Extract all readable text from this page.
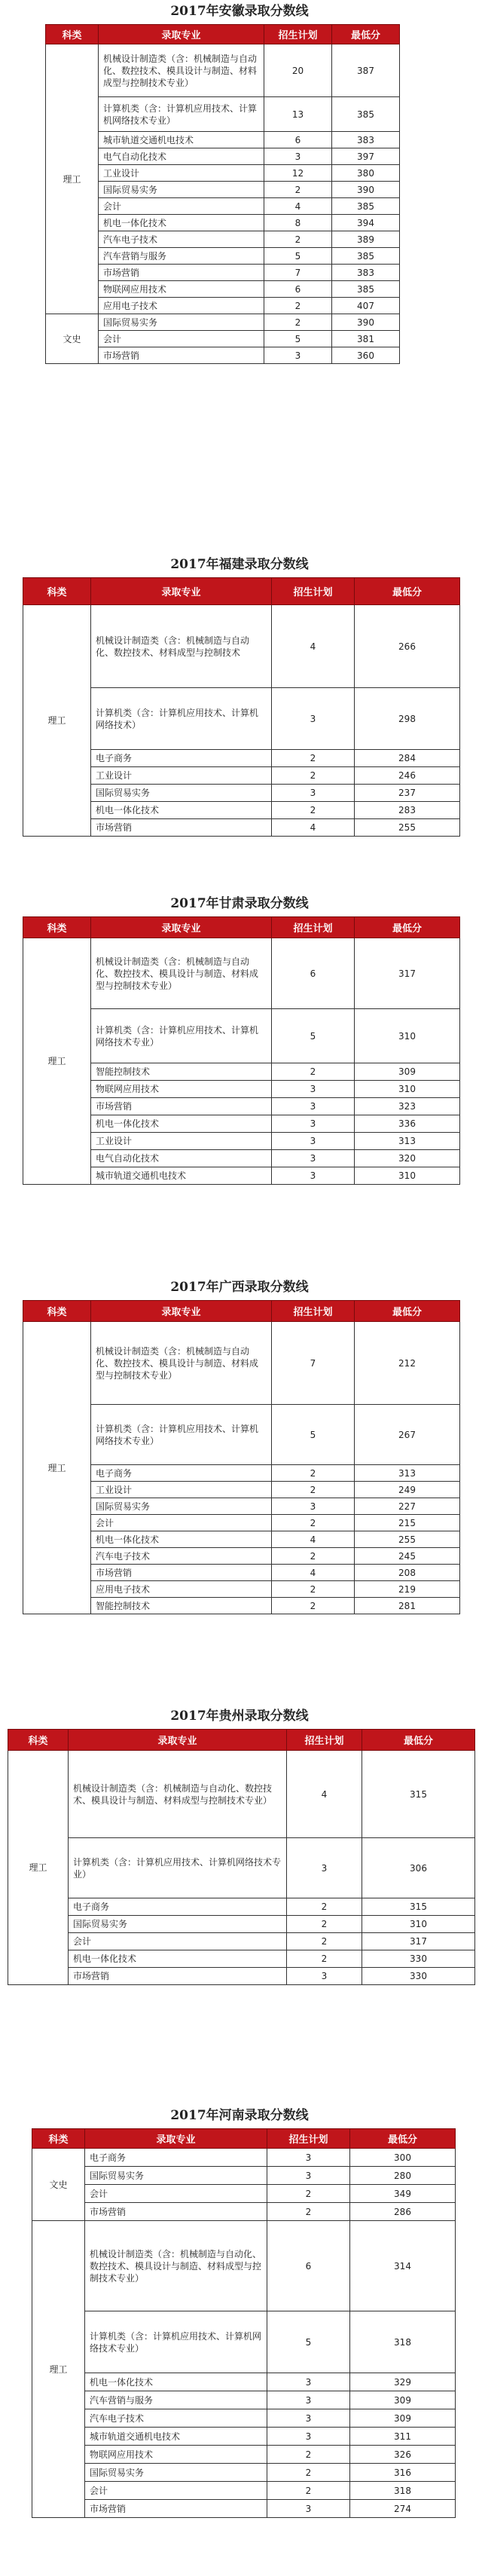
2017年安徽录取分数线
科类	录取专业	招生计划	最低分
理工	机械设计制造类（含：机械制造与自动化、数控技术、模具设计与制造、材料成型与控制技术专业）	20	387
	计算机类（含：计算机应用技术、计算机网络技术专业）	13	385
	城市轨道交通机电技术	6	383
	电气自动化技术	3	397
	工业设计	12	380
	国际贸易实务	2	390
	会计	4	385
	机电一体化技术	8	394
	汽车电子技术	2	389
	汽车营销与服务	5	385
	市场营销	7	383
	物联网应用技术	6	385
	应用电子技术	2	407
文史	国际贸易实务	2	390
	会计	5	381
	市场营销	3	360
2017年福建录取分数线
科类	录取专业	招生计划	最低分
理工	机械设计制造类（含：机械制造与自动化、数控技术、材料成型与控制技术	4	266
	计算机类（含：计算机应用技术、计算机网络技术）	3	298
	电子商务	2	284
	工业设计	2	246
	国际贸易实务	3	237
	机电一体化技术	2	283
	市场营销	4	255
2017年甘肃录取分数线
科类	录取专业	招生计划	最低分
理工	机械设计制造类（含：机械制造与自动化、数控技术、模具设计与制造、材料成型与控制技术专业）	6	317
	计算机类（含：计算机应用技术、计算机网络技术专业）	5	310
	智能控制技术	2	309
	物联网应用技术	3	310
	市场营销	3	323
	机电一体化技术	3	336
	工业设计	3	313
	电气自动化技术	3	320
	城市轨道交通机电技术	3	310
2017年广西录取分数线
科类	录取专业	招生计划	最低分
理工	机械设计制造类（含：机械制造与自动化、数控技术、模具设计与制造、材料成型与控制技术专业）	7	212
	计算机类（含：计算机应用技术、计算机网络技术专业）	5	267
	电子商务	2	313
	工业设计	2	249
	国际贸易实务	3	227
	会计	2	215
	机电一体化技术	4	255
	汽车电子技术	2	245
	市场营销	4	208
	应用电子技术	2	219
	智能控制技术	2	281
2017年贵州录取分数线
科类	录取专业	招生计划	最低分
理工	机械设计制造类（含：机械制造与自动化、数控技术、模具设计与制造、材料成型与控制技术专业）	4	315
	计算机类（含：计算机应用技术、计算机网络技术专业）	3	306
	电子商务	2	315
	国际贸易实务	2	310
	会计	2	317
	机电一体化技术	2	330
	市场营销	3	330
2017年河南录取分数线
科类	录取专业	招生计划	最低分
文史	电子商务	3	300
	国际贸易实务	3	280
	会计	2	349
	市场营销	2	286
理工	机械设计制造类（含：机械制造与自动化、数控技术、模具设计与制造、材料成型与控制技术专业）	6	314
	计算机类（含：计算机应用技术、计算机网络技术专业）	5	318
	机电一体化技术	3	329
	汽车营销与服务	3	309
	汽车电子技术	3	309
	城市轨道交通机电技术	3	311
	物联网应用技术	2	326
	国际贸易实务	2	316
	会计	2	318
	市场营销	3	274
